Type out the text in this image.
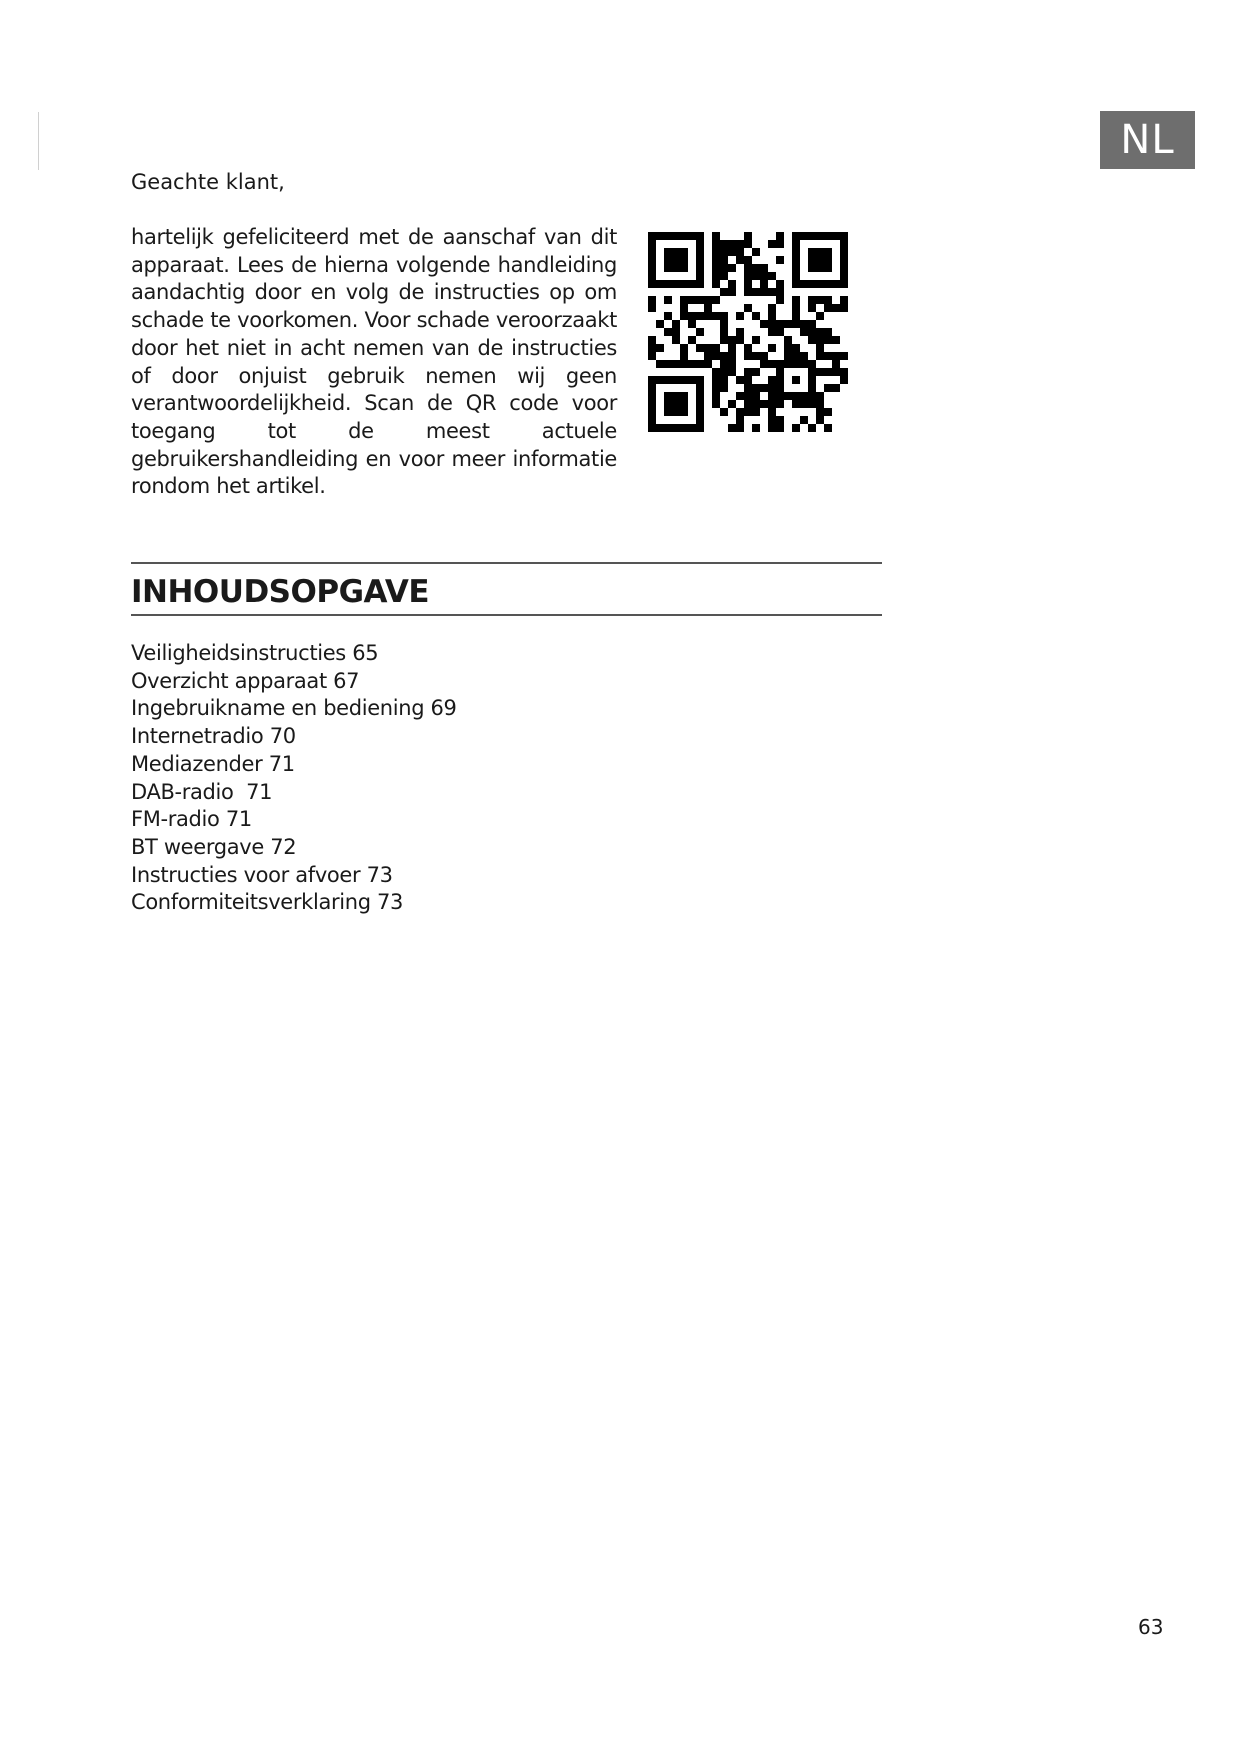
NL
Geachte klant,
hartelijk gefeliciteerd met de aanschaf van dit apparaat. Lees de hierna volgende handleiding aandachtig door en volg de instructies op om schade te voorkomen. Voor schade veroorzaakt door het niet in acht nemen van de instructies of door onjuist gebruik nemen wij geen verantwoordelijkheid. Scan de QR code voor toegang tot de meest actuele gebruikershandleiding en voor meer informatie rondom het artikel.
INHOUDSOPGAVE
Veiligheidsinstructies 65
Overzicht apparaat 67
Ingebruikname en bediening 69
Internetradio 70
Mediazender 71
DAB-radio  71
FM-radio 71
BT weergave 72
Instructies voor afvoer 73
Conformiteitsverklaring 73
63
